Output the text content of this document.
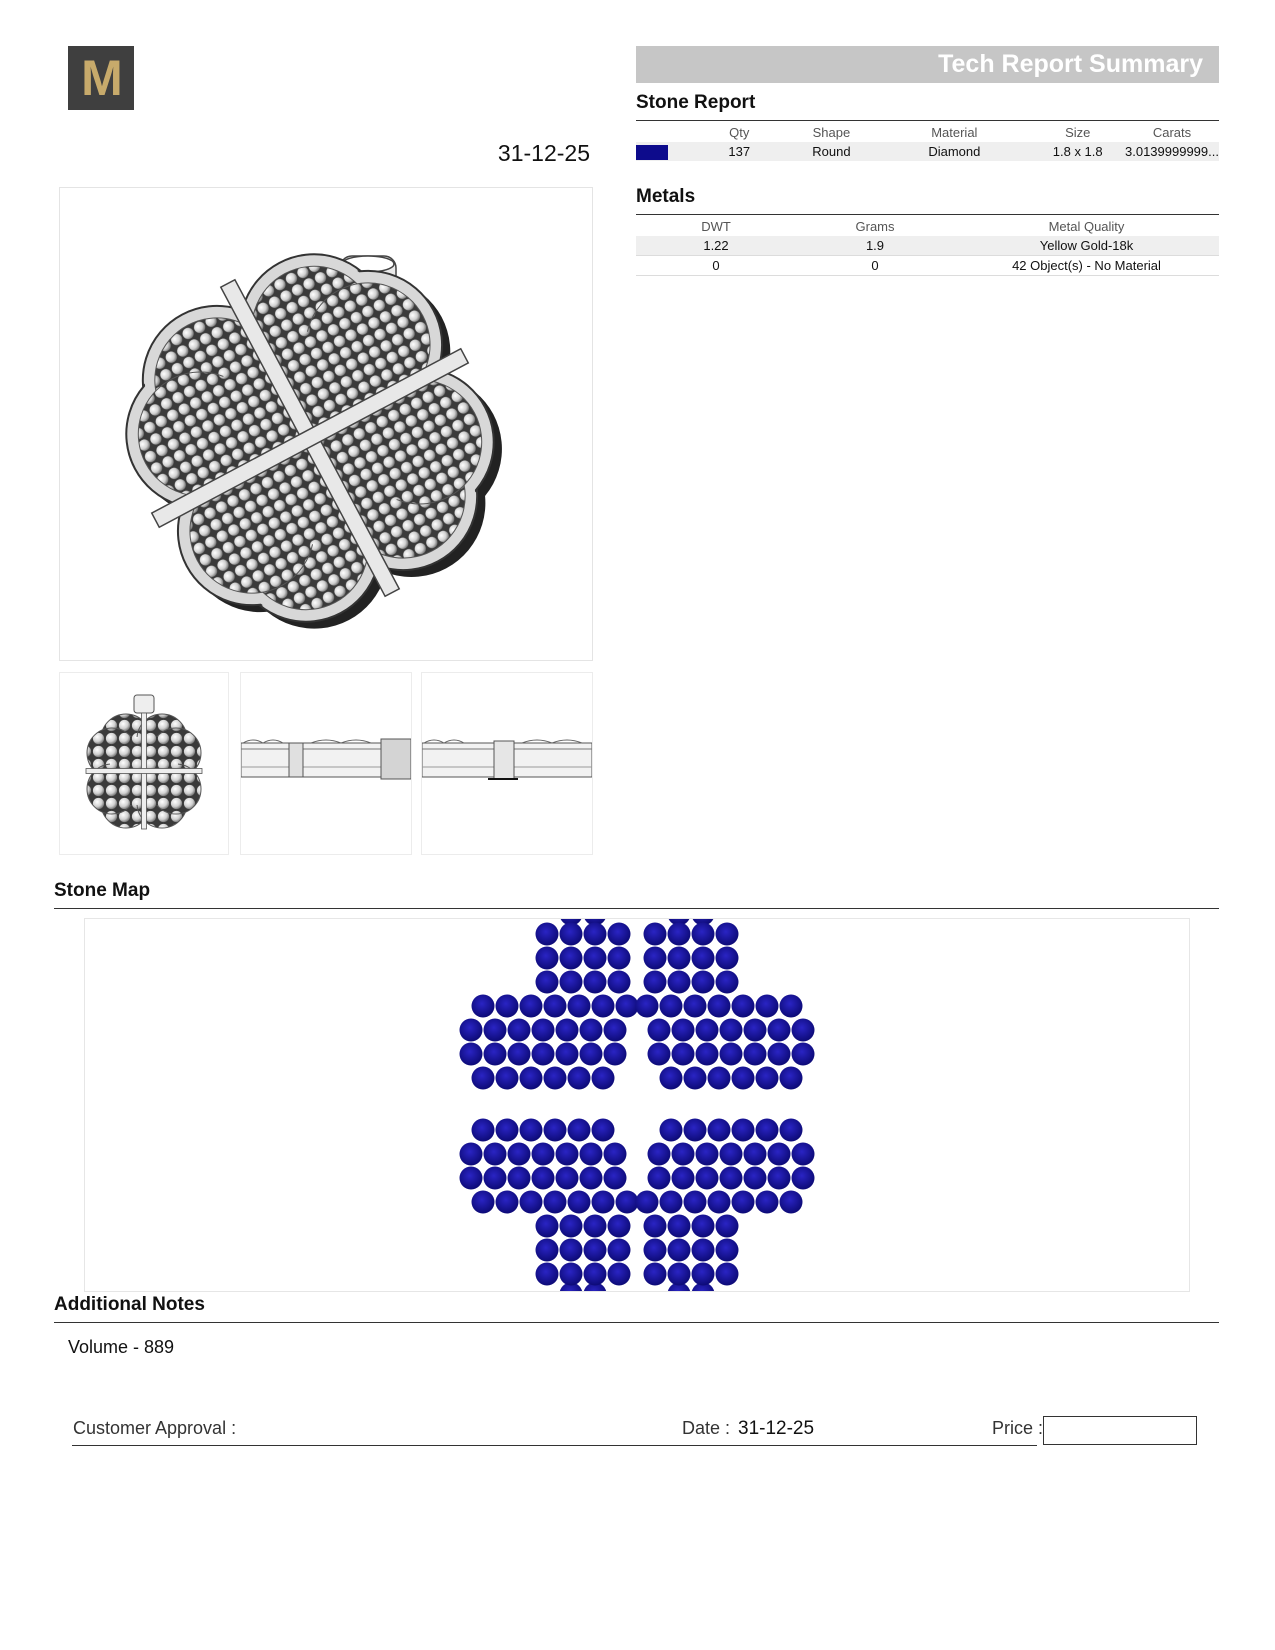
M
31-12-25
Tech Report Summary
Stone Report
	Qty	Shape	Material	Size	Carats
	137	Round	Diamond	1.8 x 1.8	3.0139999999...
Metals
DWT	Grams	Metal Quality
1.22	1.9	Yellow Gold-18k
0	0	42 Object(s) - No Material
Stone Map
Additional Notes
Volume - 889
Customer Approval :	Date : 31-12-25	Price :
